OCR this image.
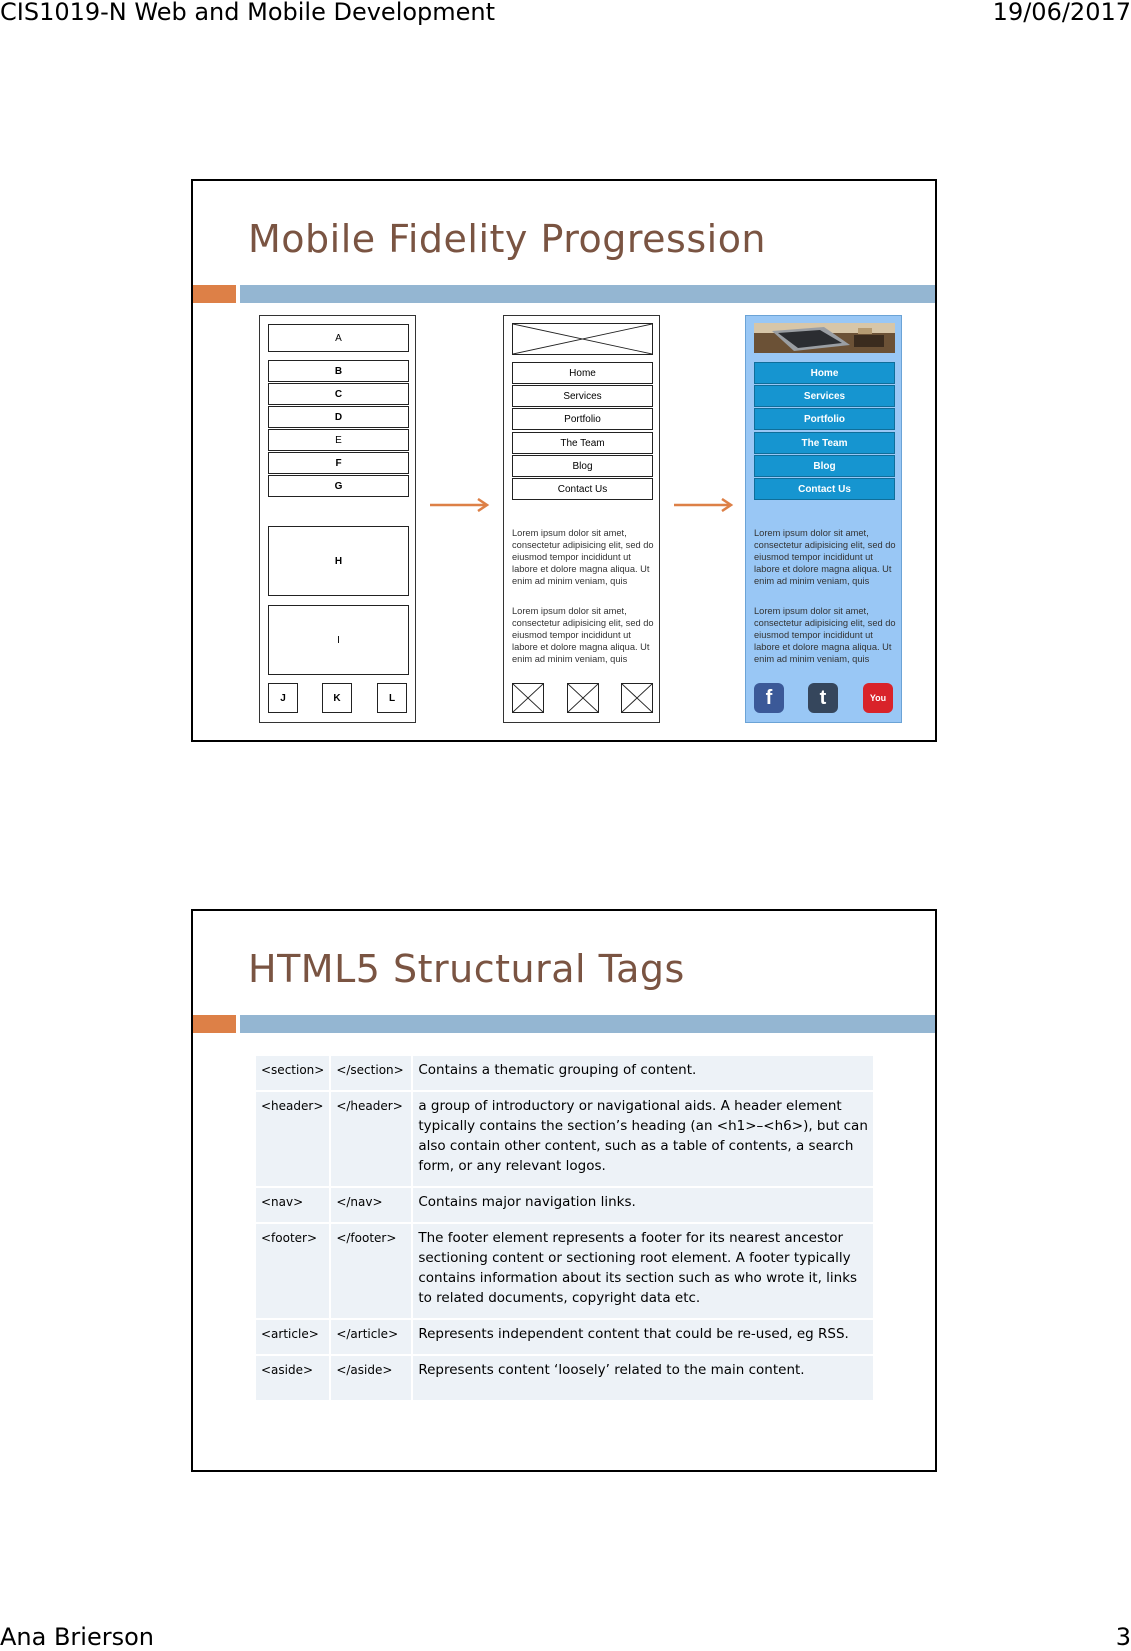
CIS1019-N Web and Mobile Development	19/06/2017
Mobile Fidelity Progression
A
B
C
D
E
F
G
H
I
J	K	L
Home
Services
Portfolio
The Team
Blog
Contact Us
Lorem ipsum dolor sit amet, consectetur adipisicing elit, sed do eiusmod tempor incididunt ut labore et dolore magna aliqua. Ut enim ad minim veniam, quis
Lorem ipsum dolor sit amet, consectetur adipisicing elit, sed do eiusmod tempor incididunt ut labore et dolore magna aliqua. Ut enim ad minim veniam, quis
Home
Services
Portfolio
The Team
Blog
Contact Us
Lorem ipsum dolor sit amet, consectetur adipisicing elit, sed do eiusmod tempor incididunt ut labore et dolore magna aliqua. Ut enim ad minim veniam, quis
Lorem ipsum dolor sit amet, consectetur adipisicing elit, sed do eiusmod tempor incididunt ut labore et dolore magna aliqua. Ut enim ad minim veniam, quis
f	t	You
HTML5 Structural Tags
<section>	</section>	Contains a thematic grouping of content.
<header>	</header>	a group of introductory or navigational aids. A header element typically contains the section’s heading (an <h1>–<h6>), but can also contain other content, such as a table of contents, a search form, or any relevant logos.
<nav>	</nav>	Contains major navigation links.
<footer>	</footer>	The footer element represents a footer for its nearest ancestor sectioning content or sectioning root element. A footer typically contains information about its section such as who wrote it, links to related documents, copyright data etc.
<article>	</article>	Represents independent content that could be re-used, eg RSS.
<aside>	</aside>	Represents content ‘loosely’ related to the main content.
Ana Brierson	3
